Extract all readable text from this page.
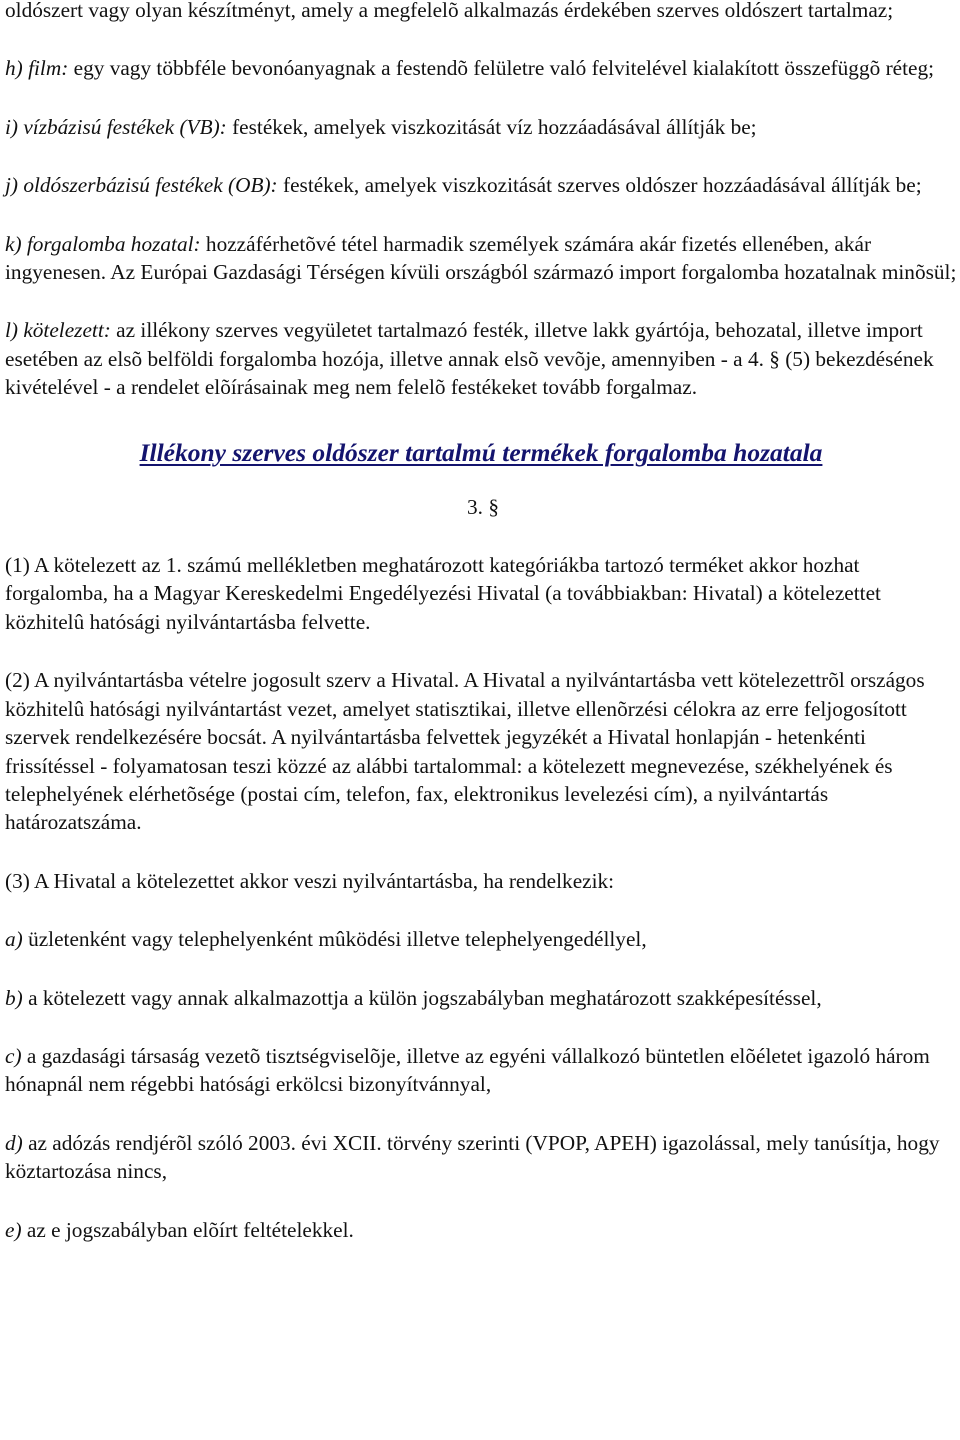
oldószert vagy olyan készítményt, amely a megfelelõ alkalmazás érdekében szerves oldószert tartalmaz;

h) film: egy vagy többféle bevonóanyagnak a festendõ felületre való felvitelével kialakított összefüggõ réteg;

i) vízbázisú festékek (VB): festékek, amelyek viszkozitását víz hozzáadásával állítják be;

j) oldószerbázisú festékek (OB): festékek, amelyek viszkozitását szerves oldószer hozzáadásával állítják be;

k) forgalomba hozatal: hozzáférhetõvé tétel harmadik személyek számára akár fizetés ellenében, akár ingyenesen. Az Európai Gazdasági Térségen kívüli országból származó import forgalomba hozatalnak minõsül;

l) kötelezett: az illékony szerves vegyületet tartalmazó festék, illetve lakk gyártója, behozatal, illetve import esetében az elsõ belföldi forgalomba hozója, illetve annak elsõ vevõje, amennyiben - a 4. § (5) bekezdésének kivételével - a rendelet elõírásainak meg nem felelõ festékeket tovább forgalmaz.

Illékony szerves oldószer tartalmú termékek forgalomba hozatala

3. §

(1) A kötelezett az 1. számú mellékletben meghatározott kategóriákba tartozó terméket akkor hozhat forgalomba, ha a Magyar Kereskedelmi Engedélyezési Hivatal (a továbbiakban: Hivatal) a kötelezettet közhitelû hatósági nyilvántartásba felvette.

(2) A nyilvántartásba vételre jogosult szerv a Hivatal. A Hivatal a nyilvántartásba vett kötelezettrõl országos közhitelû hatósági nyilvántartást vezet, amelyet statisztikai, illetve ellenõrzési célokra az erre feljogosított szervek rendelkezésére bocsát. A nyilvántartásba felvettek jegyzékét a Hivatal honlapján - hetenkénti frissítéssel - folyamatosan teszi közzé az alábbi tartalommal: a kötelezett megnevezése, székhelyének és telephelyének elérhetõsége (postai cím, telefon, fax, elektronikus levelezési cím), a nyilvántartás határozatszáma.

(3) A Hivatal a kötelezettet akkor veszi nyilvántartásba, ha rendelkezik:

a) üzletenként vagy telephelyenként mûködési illetve telephelyengedéllyel,

b) a kötelezett vagy annak alkalmazottja a külön jogszabályban meghatározott szakképesítéssel,

c) a gazdasági társaság vezetõ tisztségviselõje, illetve az egyéni vállalkozó büntetlen elõéletet igazoló három hónapnál nem régebbi hatósági erkölcsi bizonyítvánnyal,

d) az adózás rendjérõl szóló 2003. évi XCII. törvény szerinti (VPOP, APEH) igazolással, mely tanúsítja, hogy köztartozása nincs,

e) az e jogszabályban elõírt feltételekkel.
